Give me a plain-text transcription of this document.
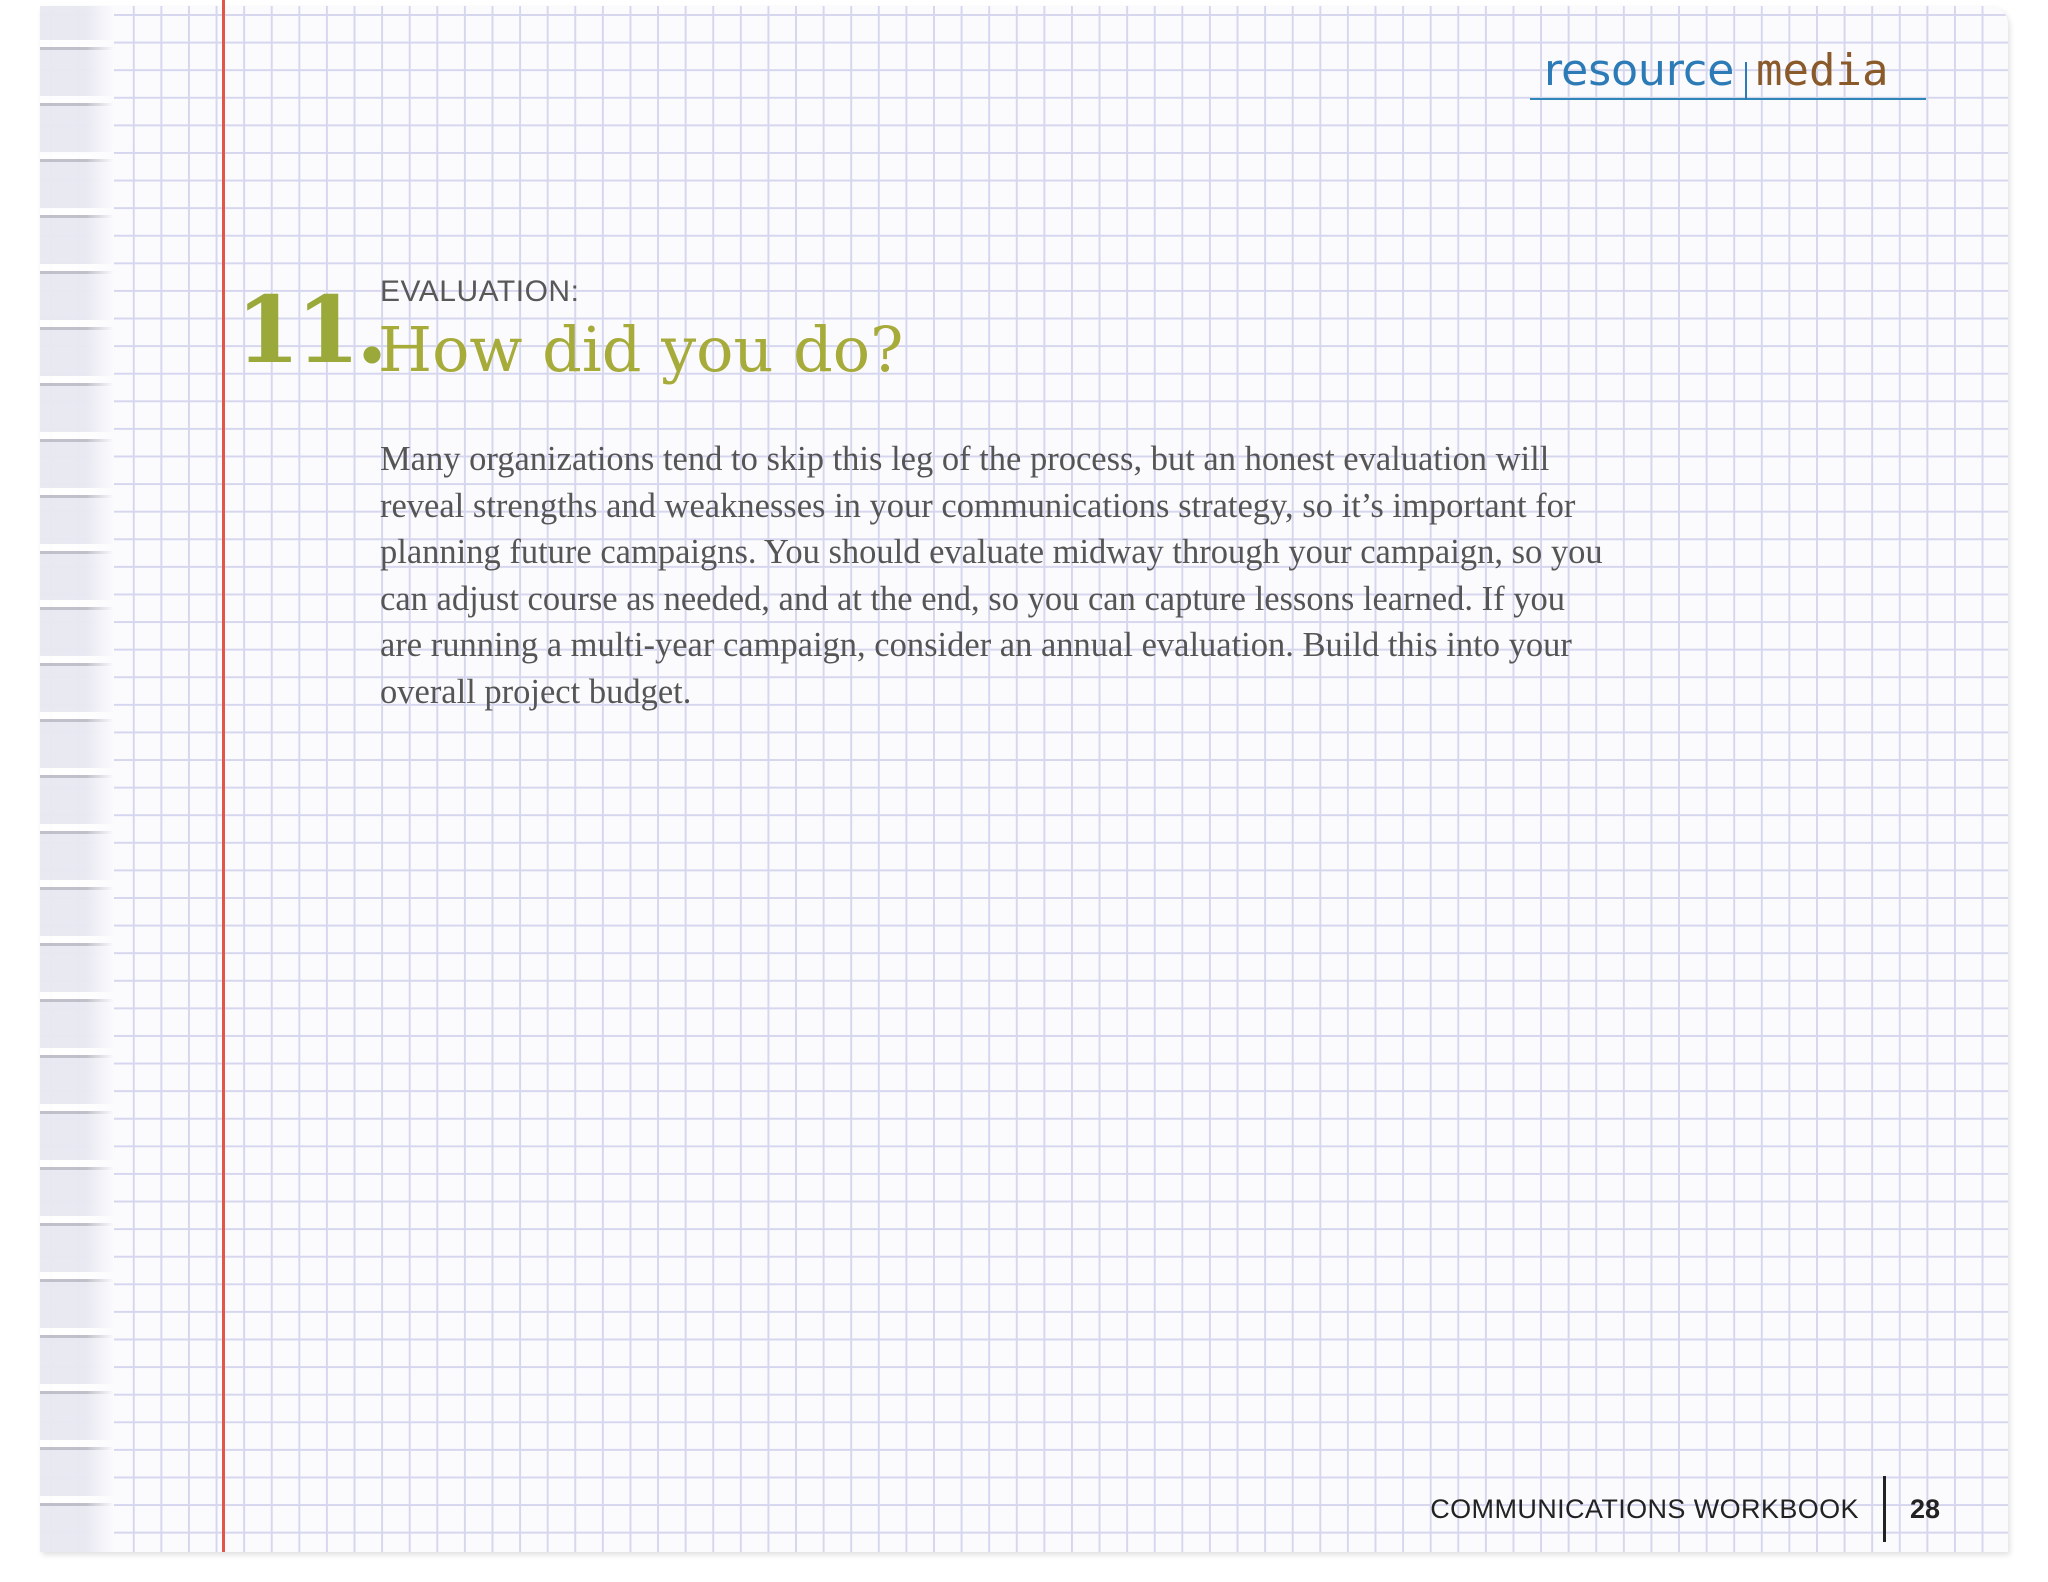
resource media
11.
EVALUATION:
How did you do?

Many organizations tend to skip this leg of the process, but an honest evaluation will

reveal strengths and weaknesses in your communications strategy, so it’s important for

planning future campaigns. You should evaluate midway through your campaign, so you

can adjust course as needed, and at the end, so you can capture lessons learned. If you

are running a multi-year campaign, consider an annual evaluation. Build this into your

overall project budget.

COMMUNICATIONS WORKBOOK 28
